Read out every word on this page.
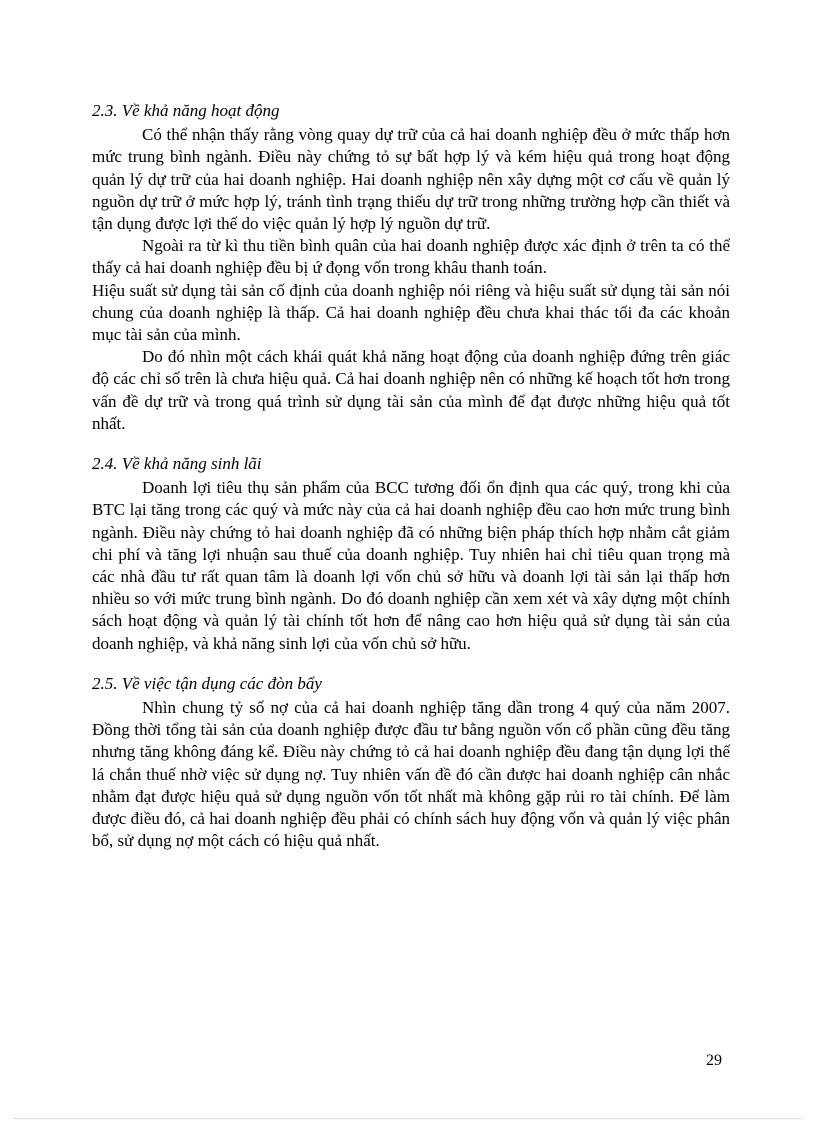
2.3. Về khả năng hoạt động

Có thể nhận thấy rằng vòng quay dự trữ của cả hai doanh nghiệp đều ở mức thấp hơn mức trung bình ngành. Điều này chứng tỏ sự bất hợp lý và kém hiệu quả trong hoạt động quản lý dự trữ của hai doanh nghiệp. Hai doanh nghiệp nên xây dựng một cơ cấu về quản lý nguồn dự trữ ở mức hợp lý, tránh tình trạng thiếu dự trữ trong những trường hợp cần thiết và tận dụng được lợi thế do việc quản lý hợp lý nguồn dự trữ.

Ngoài ra từ kì thu tiền bình quân của hai doanh nghiệp được xác định ở trên ta có thể thấy cả hai doanh nghiệp đều bị ứ đọng vốn trong khâu thanh toán.

Hiệu suất sử dụng tài sản cố định của doanh nghiệp nói riêng và hiệu suất sử dụng tài sản nói chung của doanh nghiệp là thấp. Cả hai doanh nghiệp đều chưa khai thác tối đa các khoản mục tài sản của mình.

Do đó nhìn một cách khái quát khả năng hoạt động của doanh nghiệp đứng trên giác độ các chỉ số trên là chưa hiệu quả. Cả hai doanh nghiệp nên có những kế hoạch tốt hơn trong vấn đề dự trữ và trong quá trình sử dụng tài sản của mình để đạt được những hiệu quả tốt nhất.

2.4. Về khả năng sinh lãi

Doanh lợi tiêu thụ sản phẩm của BCC tương đối ổn định qua các quý, trong khi của BTC lại tăng trong các quý và mức này của cả hai doanh nghiệp đều cao hơn mức trung bình ngành. Điều này chứng tỏ hai doanh nghiệp đã có những biện pháp thích hợp nhằm cắt giảm chi phí và tăng lợi nhuận sau thuế của doanh nghiệp. Tuy nhiên hai chỉ tiêu quan trọng mà các nhà đầu tư rất quan tâm là doanh lợi vốn chủ sở hữu và doanh lợi tài sản lại thấp hơn nhiều so với mức trung bình ngành. Do đó doanh nghiệp cần xem xét và xây dựng một chính sách hoạt động và quản lý tài chính tốt hơn để nâng cao hơn hiệu quả sử dụng tài sản của doanh nghiệp, và khả năng sinh lợi của vốn chủ sở hữu.

2.5. Về việc tận dụng các đòn bẩy

Nhìn chung tỷ số nợ của cả hai doanh nghiệp tăng dần trong 4 quý của năm 2007. Đồng thời tổng tài sản của doanh nghiệp được đầu tư bằng nguồn vốn cổ phần cũng đều tăng nhưng tăng không đáng kể. Điều này chứng tỏ cả hai doanh nghiệp đều đang tận dụng lợi thế lá chắn thuế nhờ việc sử dụng nợ. Tuy nhiên vấn đề đó cần được hai doanh nghiệp cân nhắc nhằm đạt được hiệu quả sử dụng nguồn vốn tốt nhất mà không gặp rủi ro tài chính. Để làm được điều đó, cả hai doanh nghiệp đều phải có chính sách huy động vốn và quản lý việc phân bổ, sử dụng nợ một cách có hiệu quả nhất.

29
